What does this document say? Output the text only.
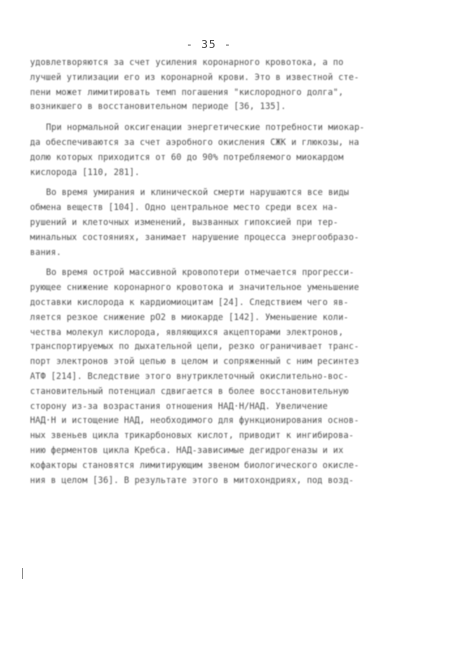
- 35 -
удовлетворяются за счет усиления коронарного кровотока, а по
лучшей утилизации его из коронарной крови. Это в известной сте-
пени может лимитировать темп погашения "кислородного долга",
возникшего в восстановительном периоде [36, 135].
При нормальной оксигенации энергетические потребности миокар-
да обеспечиваются за счет аэробного окисления СЖК и глюкозы, на
долю которых приходится от 60 до 90% потребляемого миокардом
кислорода [110, 281].
Во время умирания и клинической смерти нарушаются все виды
обмена веществ [104]. Одно центральное место среди всех на-
рушений и клеточных изменений, вызванных гипоксией при тер-
минальных состояниях, занимает нарушение процесса энергообразо-
вания.
Во время острой массивной кровопотери отмечается прогресси-
рующее снижение коронарного кровотока и значительное уменьшение
доставки кислорода к кардиомиоцитам [24]. Следствием чего яв-
ляется резкое снижение pO2 в миокарде [142]. Уменьшение коли-
чества молекул кислорода, являющихся акцепторами электронов,
транспортируемых по дыхательной цепи, резко ограничивает транс-
порт электронов этой цепью в целом и сопряженный с ним ресинтез
АТФ [214]. Вследствие этого внутриклеточный окислительно-вос-
становительный потенциал сдвигается в более восстановительную
сторону из-за возрастания отношения НАД·Н/НАД. Увеличение
НАД·Н и истощение НАД, необходимого для функционирования основ-
ных звеньев цикла трикарбоновых кислот, приводит к ингибирова-
нию ферментов цикла Кребса. НАД-зависимые дегидрогеназы и их
кофакторы становятся лимитирующим звеном биологического окисле-
ния в целом [36]. В результате этого в митохондриях, под возд-
